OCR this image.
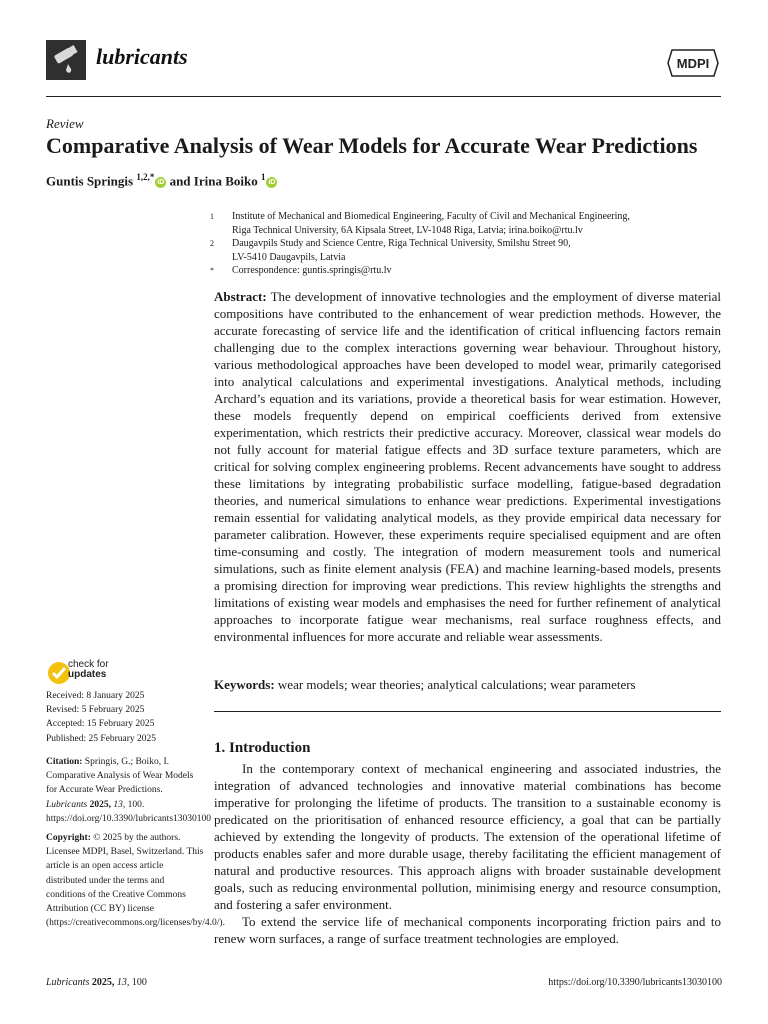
lubricants	MDPI
Review
Comparative Analysis of Wear Models for Accurate Wear Predictions
Guntis Springis $^{1,2,*}$iD and Irina Boiko $^1$iD
1 Institute of Mechanical and Biomedical Engineering, Faculty of Civil and Mechanical Engineering,
Riga Technical University, 6A Kipsala Street, LV-1048 Riga, Latvia; irina.boiko@rtu.lv
2 Daugavpils Study and Science Centre, Riga Technical University, Smilshu Street 90,
LV-5410 Daugavpils, Latvia
* Correspondence: guntis.springis@rtu.lv
Abstract: The development of innovative technologies and the employment of diverse material compositions have contributed to the enhancement of wear prediction methods. However, the accurate forecasting of service life and the identification of critical influencing factors remain challenging due to the complex interactions governing wear behaviour. Throughout history, various methodological approaches have been developed to model wear, primarily categorised into analytical calculations and experimental investigations. Analytical methods, including Archard’s equation and its variations, provide a theoretical basis for wear estimation. However, these models frequently depend on empirical coefficients derived from extensive experimentation, which restricts their predictive accuracy. Moreover, classical wear models do not fully account for material fatigue effects and 3D surface texture parameters, which are critical for solving complex engineering problems. Recent advancements have sought to address these limitations by integrating probabilistic surface modelling, fatigue-based degradation theories, and numerical simulations to enhance wear predictions. Experimental investigations remain essential for validating analytical models, as they provide empirical data necessary for parameter calibration. However, these experiments require specialised equipment and are often time-consuming and costly. The integration of modern measurement tools and numerical simulations, such as finite element analysis (FEA) and machine learning-based models, presents a promising direction for improving wear predictions. This review highlights the strengths and limitations of existing wear models and emphasises the need for further refinement of analytical approaches to incorporate fatigue wear mechanisms, real surface roughness effects, and environmental influences for more accurate and reliable wear assessments.
Keywords: wear models; wear theories; analytical calculations; wear parameters
check for
updates
Received: 8 January 2025
Revised: 5 February 2025
Accepted: 15 February 2025
Published: 25 February 2025
Citation: Springis, G.; Boiko, I. Comparative Analysis of Wear Models for Accurate Wear Predictions. Lubricants 2025, 13, 100. https://doi.org/10.3390/lubricants13030100
Copyright: © 2025 by the authors. Licensee MDPI, Basel, Switzerland. This article is an open access article distributed under the terms and conditions of the Creative Commons Attribution (CC BY) license (https://creativecommons.org/licenses/by/4.0/).
1. Introduction

In the contemporary context of mechanical engineering and associated industries, the integration of advanced technologies and innovative material combinations has become imperative for prolonging the lifetime of products. The transition to a sustainable economy is predicated on the prioritisation of enhanced resource efficiency, a goal that can be partially achieved by extending the longevity of products. The extension of the operational lifetime of products enables safer and more durable usage, thereby facilitating the efficient management of natural and productive resources. This approach aligns with broader sustainable development goals, such as reducing environmental pollution, minimising energy and resource consumption, and fostering a safer environment.

To extend the service life of mechanical components incorporating friction pairs and to renew worn surfaces, a range of surface treatment technologies are employed.

Lubricants 2025, 13, 100	https://doi.org/10.3390/lubricants13030100
